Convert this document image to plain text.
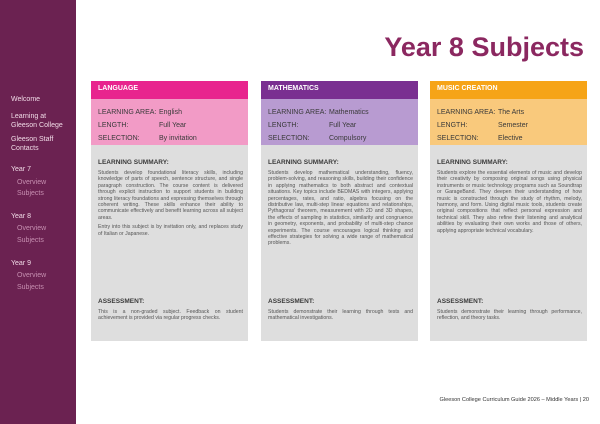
Welcome
Learning at
Gleeson College
Gleeson Staff
Contacts
Year 7
Overview
Subjects
Year 8
Overview
Subjects
Year 9
Overview
Subjects
Year 8 Subjects
LANGUAGE
LEARNING AREA: English
LENGTH:	Full Year
SELECTION:	By invitation
LEARNING SUMMARY:

Students develop foundational literacy skills, including knowledge of parts of speech, sentence structure, and single paragraph construction. The course content is delivered through explicit instruction to support students in building strong literacy foundations and expressing themselves through coherent writing. These skills enhance their ability to communicate effectively and benefit learning across all subject areas.

Entry into this subject is by invitation only, and replaces study of Italian or Japanese.

ASSESSMENT:

This is a non-graded subject. Feedback on student achievement is provided via regular progress checks.

MATHEMATICS
LEARNING AREA: Mathematics
LENGTH:	Full Year
SELECTION:	Compulsory
LEARNING SUMMARY:

Students develop mathematical understanding, fluency, problem-solving, and reasoning skills, building their confidence in applying mathematics to both abstract and contextual situations. Key topics include BEDMAS with integers, applying percentages, rates, and ratio, algebra focusing on the distributive law, multi-step linear equations and relationships, Pythagoras' theorem, measurement with 2D and 3D shapes, the effects of sampling in statistics, similarity and congruence in geometry, exponents, and probability of multi-step chance experiments. The course encourages logical thinking and effective strategies for solving a wide range of mathematical problems.

ASSESSMENT:

Students demonstrate their learning through tests and mathematical investigations.

MUSIC CREATION
LEARNING AREA: The Arts
LENGTH:	Semester
SELECTION:	Elective
LEARNING SUMMARY:

Students explore the essential elements of music and develop their creativity by composing original songs using physical instruments or music technology programs such as Soundtrap or GarageBand. They deepen their understanding of how music is constructed through the study of rhythm, melody, harmony, and form. Using digital music tools, students create original compositions that reflect personal expression and technical skill. They also refine their listening and analytical abilities by evaluating their own works and those of others, applying appropriate technical vocabulary.

ASSESSMENT:

Students demonstrate their learning through performance, reflection, and theory tasks.

Gleeson College Curriculum Guide 2026 – Middle Years | 20
